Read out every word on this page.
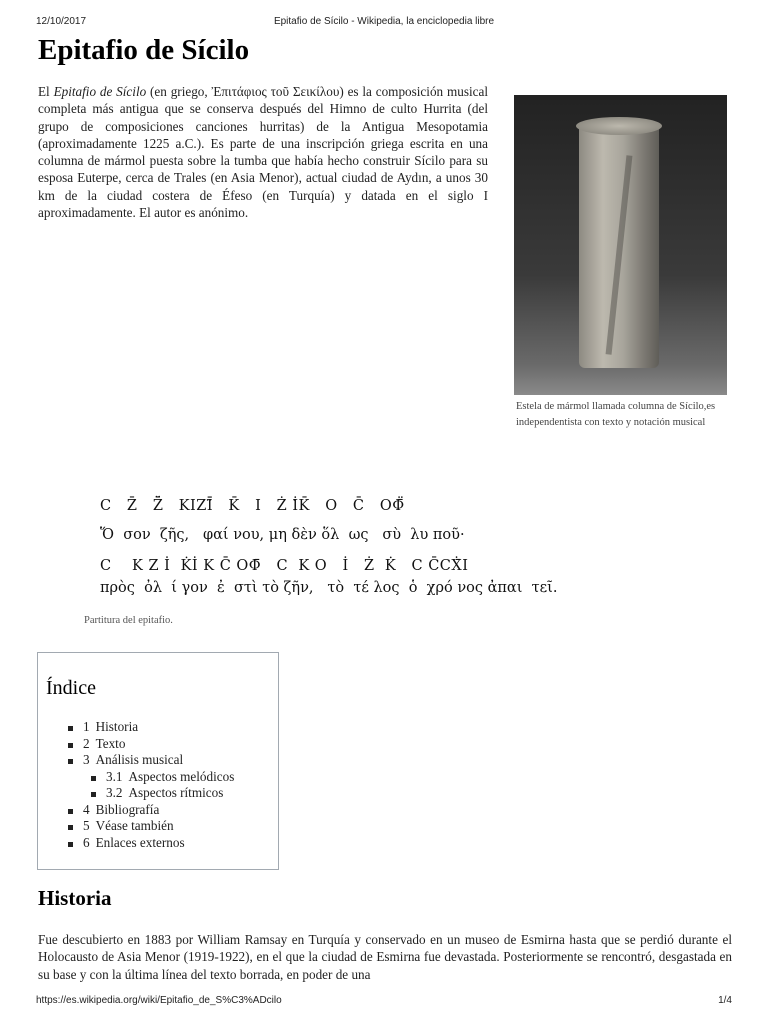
12/10/2017	Epitafio de Sícilo - Wikipedia, la enciclopedia libre
Epitafio de Sícilo

El Epitafio de Sícilo (en griego, Ἐπιτάφιος τοῦ Σεικίλου) es la composición musical completa más antigua que se conserva después del Himno de culto Hurrita (del grupo de composiciones canciones hurritas) de la Antigua Mesopotamia (aproximadamente 1225 a.C.). Es parte de una inscripción griega escrita en una columna de mármol puesta sobre la tumba que había hecho construir Sícilo para su esposa Euterpe, cerca de Trales (en Asia Menor), actual ciudad de Aydın, a unos 30 km de la ciudad costera de Éfeso (en Turquía) y datada en el siglo I aproximadamente. El autor es anónimo.

Estela de mármol llamada columna de Sícilo,es independentista con texto y notación musical

C   Z̄   Z̄̈   KIZĪ̈   K̄   I   Ż İ̇K̄   O   C̄   OΦ̄̈
Ὅ  σον  ζῆς,   φαί νου, μη δὲν ὅλ  ως   σὺ  λυ ποῦ·
C    K Z İ  K̇İ K C̄ OΦ̄   C  K O   İ   Ż  K̇   C C̄CẊ̄I
πρὸς  ὀλ  ί γον  ἐ  στὶ τὸ ζῆν,   τὸ  τέ λος  ὁ  χρό νος ἀπαι  τεῖ.
Partitura del epitafio.
Índice
1 Historia
2 Texto
3 Análisis musical
3.1 Aspectos melódicos
3.2 Aspectos rítmicos
4 Bibliografía
5 Véase también
6 Enlaces externos
Historia

Fue descubierto en 1883 por William Ramsay en Turquía y conservado en un museo de Esmirna hasta que se perdió durante el Holocausto de Asia Menor (1919-1922), en el que la ciudad de Esmirna fue devastada. Posteriormente se rencontró, desgastada en su base y con la última línea del texto borrada, en poder de una

https://es.wikipedia.org/wiki/Epitafio_de_S%C3%ADcilo	1/4
